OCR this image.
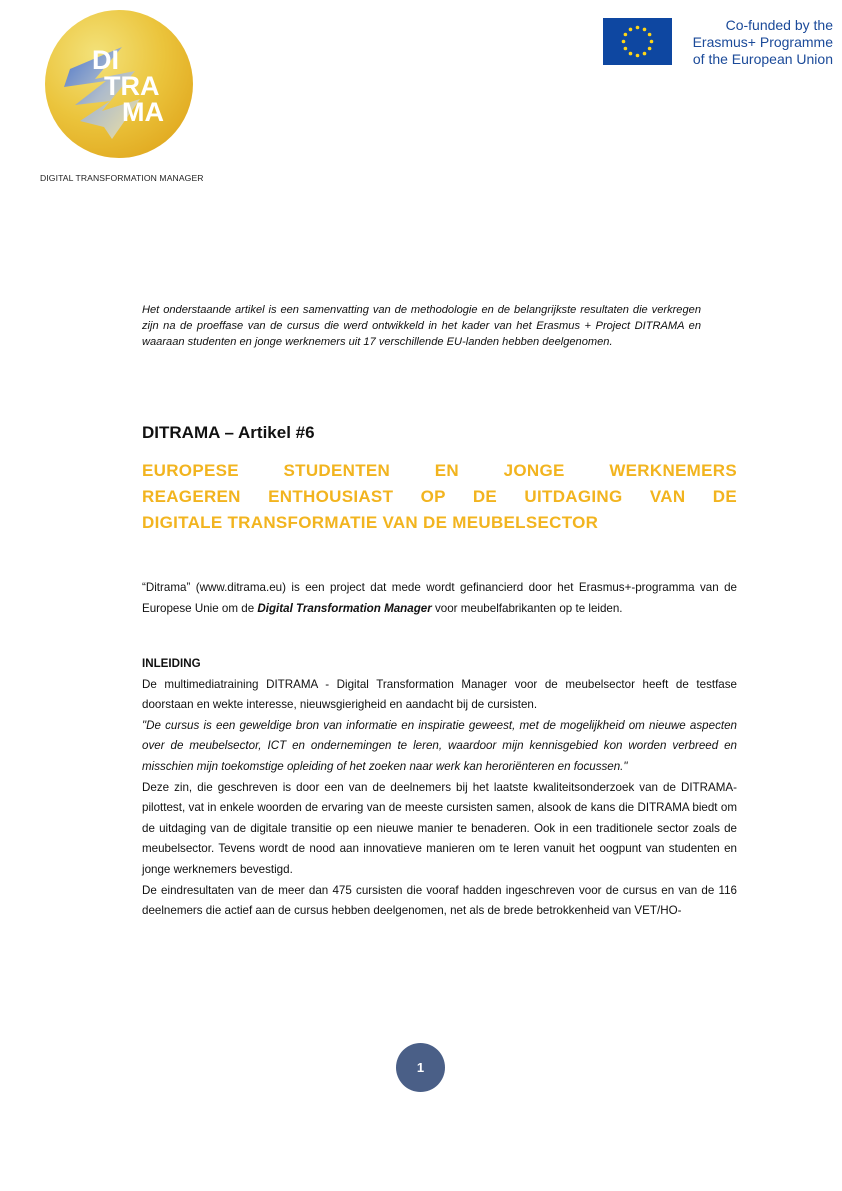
DI
TRA
MA
DIGITAL TRANSFORMATION MANAGER
Co-funded by the
Erasmus+ Programme
of the European Union
Het onderstaande artikel is een samenvatting van de methodologie en de belangrijkste resultaten die verkregen zijn na de proeffase van de cursus die werd ontwikkeld in het kader van het Erasmus + Project DITRAMA en waaraan studenten en jonge werknemers uit 17 verschillende EU-landen hebben deelgenomen.
DITRAMA – Artikel #6
EUROPESE STUDENTEN EN JONGE WERKNEMERS
REAGEREN ENTHOUSIAST OP DE UITDAGING VAN DE
DIGITALE TRANSFORMATIE VAN DE MEUBELSECTOR
“Ditrama” (www.ditrama.eu) is een project dat mede wordt gefinancierd door het Erasmus+-programma van de Europese Unie om de Digital Transformation Manager voor meubelfabrikanten op te leiden.

INLEIDING

De multimediatraining DITRAMA - Digital Transformation Manager voor de meubelsector heeft de testfase doorstaan en wekte interesse, nieuwsgierigheid en aandacht bij de cursisten.

"De cursus is een geweldige bron van informatie en inspiratie geweest, met de mogelijkheid om nieuwe aspecten over de meubelsector, ICT en ondernemingen te leren, waardoor mijn kennisgebied kon worden verbreed en misschien mijn toekomstige opleiding of het zoeken naar werk kan heroriënteren en focussen."

Deze zin, die geschreven is door een van de deelnemers bij het laatste kwaliteitsonderzoek van de DITRAMA-pilottest, vat in enkele woorden de ervaring van de meeste cursisten samen, alsook de kans die DITRAMA biedt om de uitdaging van de digitale transitie op een nieuwe manier te benaderen. Ook in een traditionele sector zoals de meubelsector. Tevens wordt de nood aan innovatieve manieren om te leren vanuit het oogpunt van studenten en jonge werknemers bevestigd.

De eindresultaten van de meer dan 475 cursisten die vooraf hadden ingeschreven voor de cursus en van de 116 deelnemers die actief aan de cursus hebben deelgenomen, net als de brede betrokkenheid van VET/HO-

1
